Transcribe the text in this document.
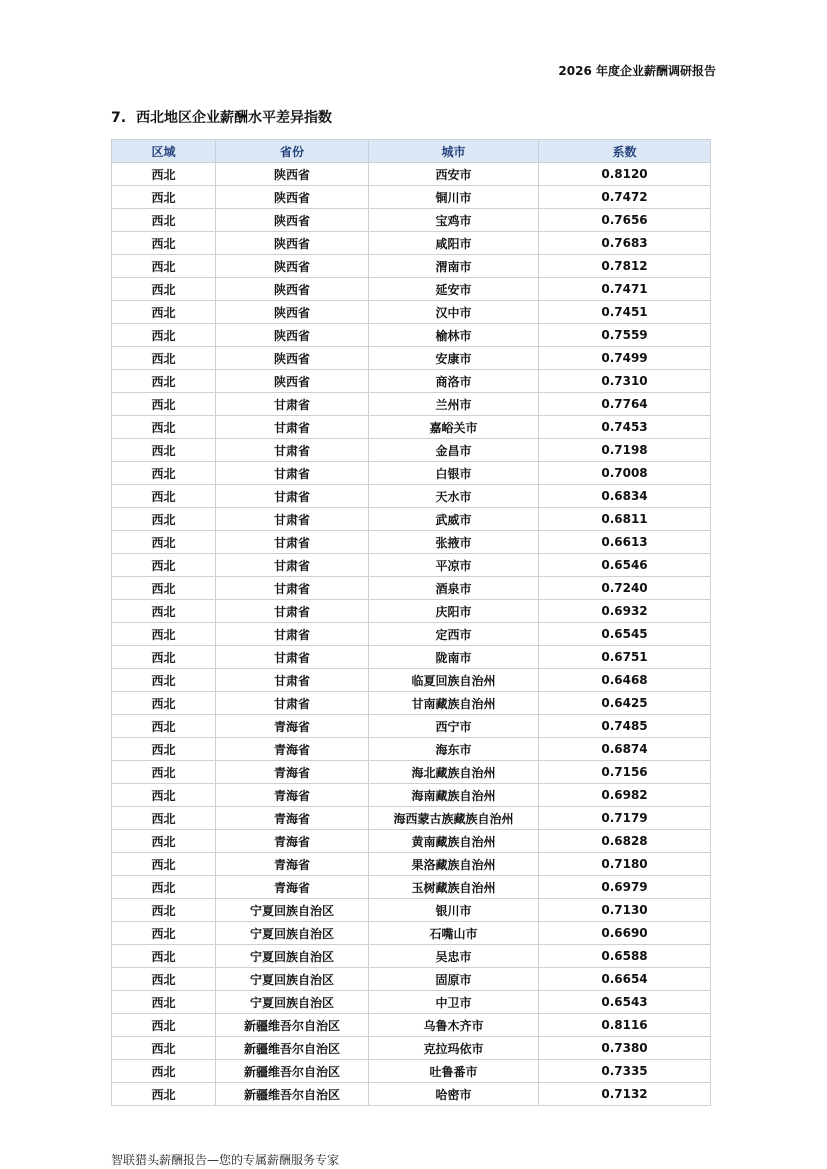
2026 年度企业薪酬调研报告
7. 西北地区企业薪酬水平差异指数
区域	省份	城市	系数
西北	陕西省	西安市	0.8120
西北	陕西省	铜川市	0.7472
西北	陕西省	宝鸡市	0.7656
西北	陕西省	咸阳市	0.7683
西北	陕西省	渭南市	0.7812
西北	陕西省	延安市	0.7471
西北	陕西省	汉中市	0.7451
西北	陕西省	榆林市	0.7559
西北	陕西省	安康市	0.7499
西北	陕西省	商洛市	0.7310
西北	甘肃省	兰州市	0.7764
西北	甘肃省	嘉峪关市	0.7453
西北	甘肃省	金昌市	0.7198
西北	甘肃省	白银市	0.7008
西北	甘肃省	天水市	0.6834
西北	甘肃省	武威市	0.6811
西北	甘肃省	张掖市	0.6613
西北	甘肃省	平凉市	0.6546
西北	甘肃省	酒泉市	0.7240
西北	甘肃省	庆阳市	0.6932
西北	甘肃省	定西市	0.6545
西北	甘肃省	陇南市	0.6751
西北	甘肃省	临夏回族自治州	0.6468
西北	甘肃省	甘南藏族自治州	0.6425
西北	青海省	西宁市	0.7485
西北	青海省	海东市	0.6874
西北	青海省	海北藏族自治州	0.7156
西北	青海省	海南藏族自治州	0.6982
西北	青海省	海西蒙古族藏族自治州	0.7179
西北	青海省	黄南藏族自治州	0.6828
西北	青海省	果洛藏族自治州	0.7180
西北	青海省	玉树藏族自治州	0.6979
西北	宁夏回族自治区	银川市	0.7130
西北	宁夏回族自治区	石嘴山市	0.6690
西北	宁夏回族自治区	吴忠市	0.6588
西北	宁夏回族自治区	固原市	0.6654
西北	宁夏回族自治区	中卫市	0.6543
西北	新疆维吾尔自治区	乌鲁木齐市	0.8116
西北	新疆维吾尔自治区	克拉玛依市	0.7380
西北	新疆维吾尔自治区	吐鲁番市	0.7335
西北	新疆维吾尔自治区	哈密市	0.7132
智联猎头薪酬报告—您的专属薪酬服务专家
